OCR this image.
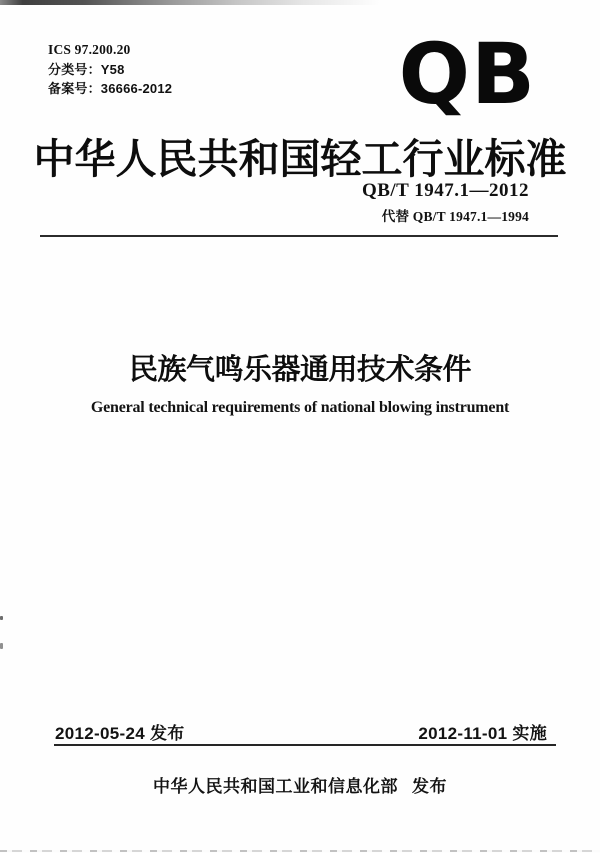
ICS 97.200.20
分类号：Y58
备案号：36666-2012	QB
中华人民共和国轻工行业标准
QB/T 1947.1—2012
代替 QB/T 1947.1—1994
民族气鸣乐器通用技术条件
General technical requirements of national blowing instrument
2012-05-24 发布	2012-11-01 实施
中华人民共和国工业和信息化部 发布
